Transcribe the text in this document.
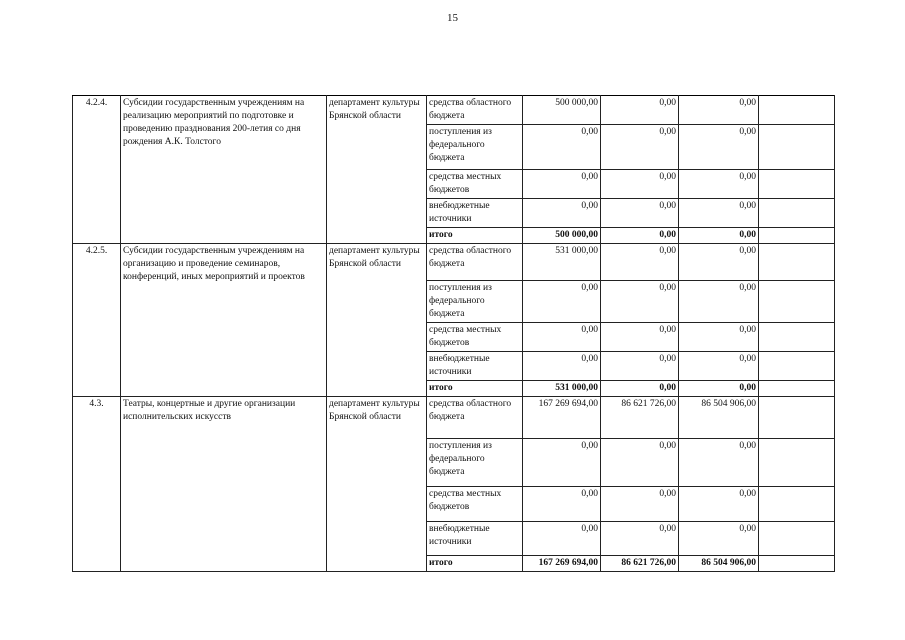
15
4.2.4.	Субсидии государственным учреждениям на реализацию мероприятий по подготовке и проведению празднования 200-летия со дня рождения А.К. Толстого	департамент культуры Брянской области	средства областного бюджета	500 000,00	0,00	0,00	
			поступления из федерального бюджета	0,00	0,00	0,00	
			средства местных бюджетов	0,00	0,00	0,00	
			внебюджетные источники	0,00	0,00	0,00	
			итого	500 000,00	0,00	0,00	
4.2.5.	Субсидии государственным учреждениям на организацию и проведение семинаров, конференций, иных мероприятий и проектов	департамент культуры Брянской области	средства областного бюджета	531 000,00	0,00	0,00	
			поступления из федерального бюджета	0,00	0,00	0,00	
			средства местных бюджетов	0,00	0,00	0,00	
			внебюджетные источники	0,00	0,00	0,00	
			итого	531 000,00	0,00	0,00	
4.3.	Театры, концертные и другие организации исполнительских искусств	департамент культуры Брянской области	средства областного бюджета	167 269 694,00	86 621 726,00	86 504 906,00	
			поступления из федерального бюджета	0,00	0,00	0,00	
			средства местных бюджетов	0,00	0,00	0,00	
			внебюджетные источники	0,00	0,00	0,00	
			итого	167 269 694,00	86 621 726,00	86 504 906,00	
